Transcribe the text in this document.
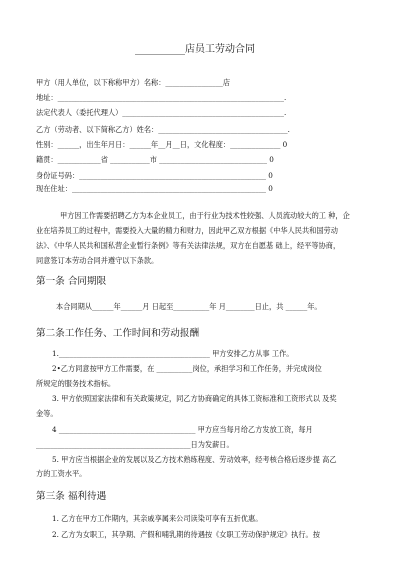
__________店员工劳动合同
甲方（用人单位，以下称称甲方）名称：________________店
地址：_______________________________________________________________.
法定代表人（委托代理人）_____________________________________________.
乙方（劳动者、以下简称乙方）姓名：____________________________________.
性别：______，出生年月日：______年__月__日，文化程度：______________ 0
籍贯：____________省 ___________市 ______________________________ 0
身份证号码：____________________________________________________ 0
现在住址：______________________________________________________ 0
甲方因工作需要招聘乙方为本企业员工，由于行业为技术性较强、人员流动较大的工 种，企
业在培养员工的过程中，需要投入大量的精力和财力，因此甲乙双方根据《中华人民共和国劳动
法》、《中华人民共和国私营企业暂行条例》等有关法律法规，双方在自愿基 础上，经平等协商，
同意签订本劳动合同并遵守以下条款。
第一条 合同期限
本合同期从______年______月 日起至__________年 月________日止，共 ______年。
第二条工作任务、工作时间和劳动报酬
1.__________________________________________ 甲方安排乙方从事 工作。
2•乙方同意按甲方工作需要，在 __________岗位，承担学习和工作任务，并完成岗位
所规定的服务技术指标。
3. 甲方依照国家法律和有关政策规定，同乙方协商确定的具体工资标准和工资形式以 及奖
金等。
4 ______________________________________ 甲方应当每月给乙方发放工资，每月
___________________________________________日为发薪日。
5. 甲方应当根据企业的发展以及乙方技术熟练程度、劳动效率，经考核合格后逐步提 高乙
方的工资水平。
第三条 福利待遇
1. 乙方在甲方工作期内，其亲戚享属来公司读染可享有五折优惠。
2. 乙方为女职工，其孕期、产假和哺乳期的待遇按《女职工劳动保护规定》执行。按
